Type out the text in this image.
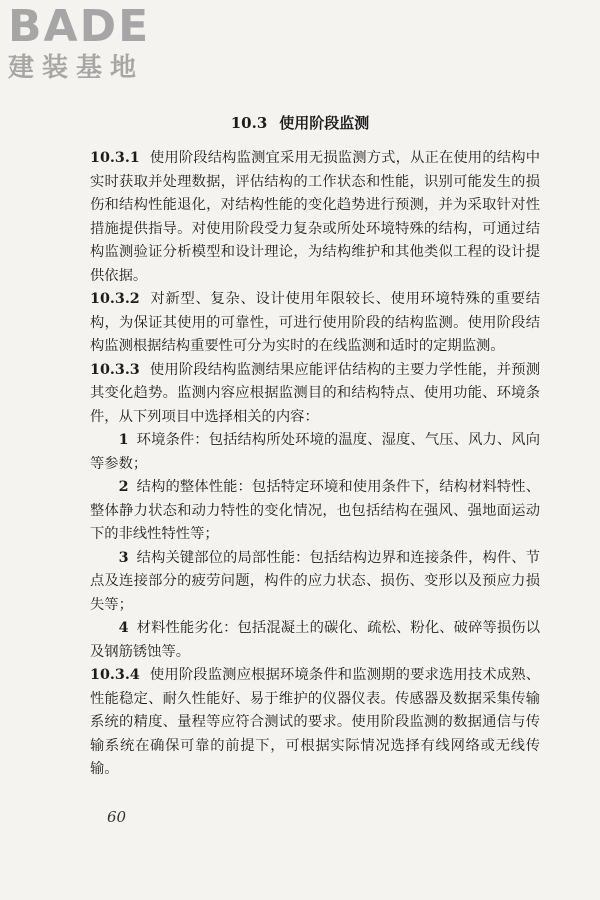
BADE
建装基地
10.3 使用阶段监测

10.3.1 使用阶段结构监测宜采用无损监测方式，从正在使用的结构中实时获取并处理数据，评估结构的工作状态和性能，识别可能发生的损伤和结构性能退化，对结构性能的变化趋势进行预测，并为采取针对性措施提供指导。对使用阶段受力复杂或所处环境特殊的结构，可通过结构监测验证分析模型和设计理论，为结构维护和其他类似工程的设计提供依据。

10.3.2 对新型、复杂、设计使用年限较长、使用环境特殊的重要结构，为保证其使用的可靠性，可进行使用阶段的结构监测。使用阶段结构监测根据结构重要性可分为实时的在线监测和适时的定期监测。

10.3.3 使用阶段结构监测结果应能评估结构的主要力学性能，并预测其变化趋势。监测内容应根据监测目的和结构特点、使用功能、环境条件，从下列项目中选择相关的内容：

1 环境条件：包括结构所处环境的温度、湿度、气压、风力、风向等参数；

2 结构的整体性能：包括特定环境和使用条件下，结构材料特性、整体静力状态和动力特性的变化情况，也包括结构在强风、强地面运动下的非线性特性等；

3 结构关键部位的局部性能：包括结构边界和连接条件，构件、节点及连接部分的疲劳问题，构件的应力状态、损伤、变形以及预应力损失等；

4 材料性能劣化：包括混凝土的碳化、疏松、粉化、破碎等损伤以及钢筋锈蚀等。

10.3.4 使用阶段监测应根据环境条件和监测期的要求选用技术成熟、性能稳定、耐久性能好、易于维护的仪器仪表。传感器及数据采集传输系统的精度、量程等应符合测试的要求。使用阶段监测的数据通信与传输系统在确保可靠的前提下，可根据实际情况选择有线网络或无线传输。

60
